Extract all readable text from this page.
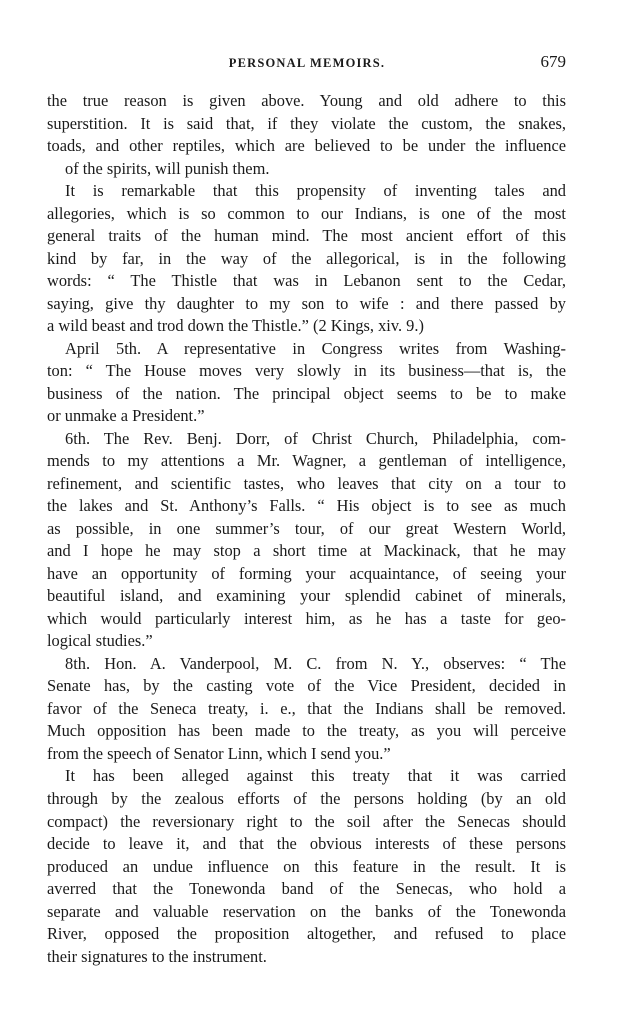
PERSONAL MEMOIRS.	679
the true reason is given above. Young and old adhere to this
superstition. It is said that, if they violate the custom, the snakes,
toads, and other reptiles, which are believed to be under the influence
of the spirits, will punish them.
It is remarkable that this propensity of inventing tales and
allegories, which is so common to our Indians, is one of the most
general traits of the human mind. The most ancient effort of this
kind by far, in the way of the allegorical, is in the following
words: “ The Thistle that was in Lebanon sent to the Cedar,
saying, give thy daughter to my son to wife : and there passed by
a wild beast and trod down the Thistle.” (2 Kings, xiv. 9.)
April 5th. A representative in Congress writes from Washing-
ton: “ The House moves very slowly in its business—that is, the
business of the nation. The principal object seems to be to make
or unmake a President.”
6th. The Rev. Benj. Dorr, of Christ Church, Philadelphia, com-
mends to my attentions a Mr. Wagner, a gentleman of intelligence,
refinement, and scientific tastes, who leaves that city on a tour to
the lakes and St. Anthony’s Falls. “ His object is to see as much
as possible, in one summer’s tour, of our great Western World,
and I hope he may stop a short time at Mackinack, that he may
have an opportunity of forming your acquaintance, of seeing your
beautiful island, and examining your splendid cabinet of minerals,
which would particularly interest him, as he has a taste for geo-
logical studies.”
8th. Hon. A. Vanderpool, M. C. from N. Y., observes: “ The
Senate has, by the casting vote of the Vice President, decided in
favor of the Seneca treaty, i. e., that the Indians shall be removed.
Much opposition has been made to the treaty, as you will perceive
from the speech of Senator Linn, which I send you.”
It has been alleged against this treaty that it was carried
through by the zealous efforts of the persons holding (by an old
compact) the reversionary right to the soil after the Senecas should
decide to leave it, and that the obvious interests of these persons
produced an undue influence on this feature in the result. It is
averred that the Tonewonda band of the Senecas, who hold a
separate and valuable reservation on the banks of the Tonewonda
River, opposed the proposition altogether, and refused to place
their signatures to the instrument.
